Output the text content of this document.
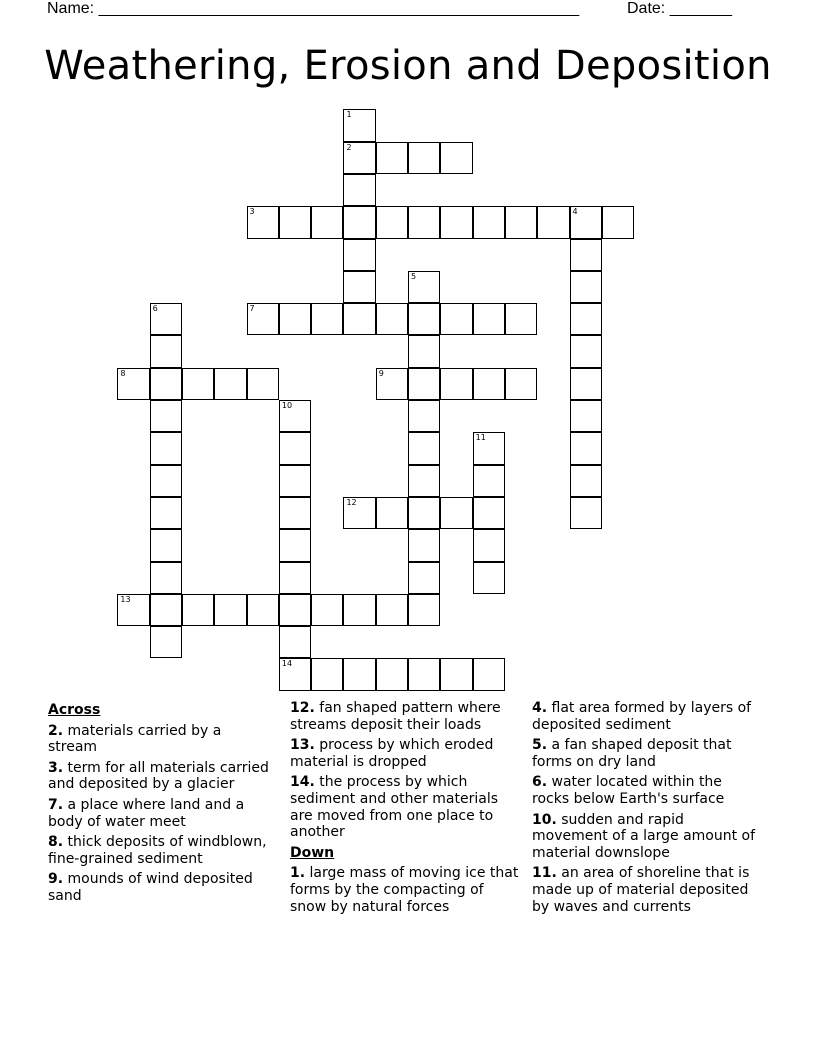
Name: ______________________________________________________	Date: _______
Weathering, Erosion and Deposition
1
2
3	4
5
6	7
8	9
10
14
11
12
13
Across
2. materials carried by a stream
3. term for all materials carried and deposited by a glacier
7. a place where land and a body of water meet
8. thick deposits of windblown, fine-grained sediment
9. mounds of wind deposited sand
12. fan shaped pattern where streams deposit their loads
13. process by which eroded material is dropped
14. the process by which sediment and other materials are moved from one place to another
Down
1. large mass of moving ice that forms by the compacting of snow by natural forces
4. flat area formed by layers of deposited sediment
5. a fan shaped deposit that forms on dry land
6. water located within the rocks below Earth's surface
10. sudden and rapid movement of a large amount of material downslope
11. an area of shoreline that is made up of material deposited by waves and currents
